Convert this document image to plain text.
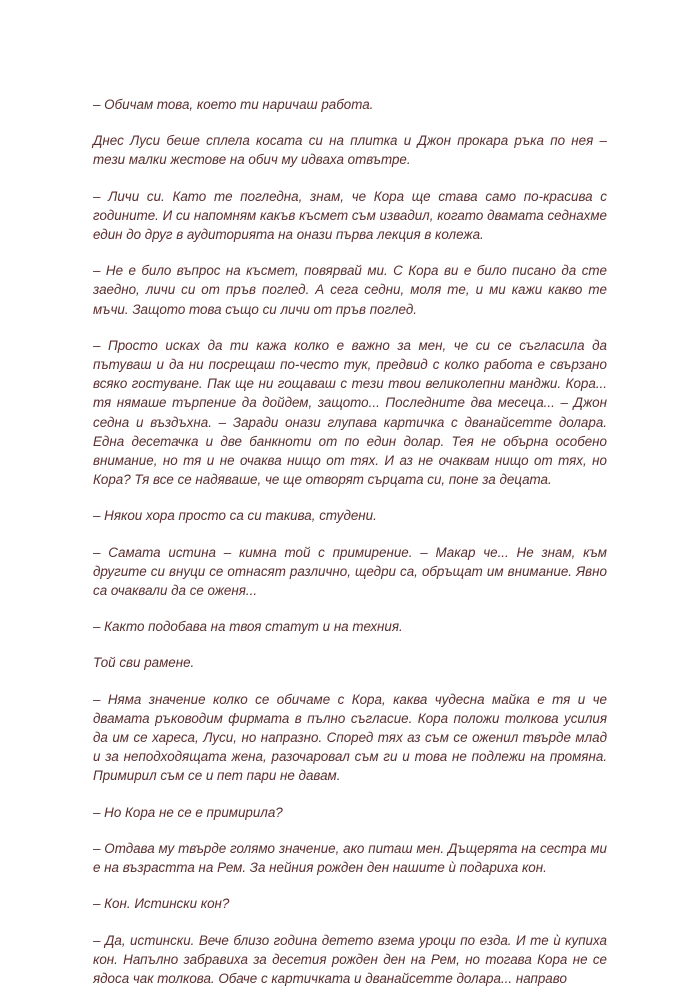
– Обичам това, което ти наричаш работа.

Днес Луси беше сплела косата си на плитка и Джон прокара ръка по нея – тези малки жестове на обич му идваха отвътре.

– Личи си. Като те погледна, знам, че Кора ще става само по-красива с годините. И си напомням какъв късмет съм извадил, когато двамата седнахме един до друг в аудиторията на онази първа лекция в колежа.

– Не е било въпрос на късмет, повярвай ми. С Кора ви е било писано да сте заедно, личи си от пръв поглед. А сега седни, моля те, и ми кажи какво те мъчи. Защото това също си личи от пръв поглед.

– Просто исках да ти кажа колко е важно за мен, че си се съгласила да пътуваш и да ни посрещаш по-често тук, предвид с колко работа е свързано всяко гостуване. Пак ще ни гощаваш с тези твои великолепни манджи. Кора... тя нямаше търпение да дойдем, защото... Последните два месеца... – Джон седна и въздъхна. – Заради онази глупава картичка с дванайсетте долара. Една десетачка и две банкноти от по един долар. Тея не обърна особено внимание, но тя и не очаква нищо от тях. И аз не очаквам нищо от тях, но Кора? Тя все се надяваше, че ще отворят сърцата си, поне за децата.

– Някои хора просто са си такива, студени.

– Самата истина – кимна той с примирение. – Макар че... Не знам, към другите си внуци се отнасят различно, щедри са, обръщат им внимание. Явно са очаквали да се оженя...

– Както подобава на твоя статут и на техния.

Той сви рамене.

– Няма значение колко се обичаме с Кора, каква чудесна майка е тя и че двамата ръководим фирмата в пълно съгласие. Кора положи толкова усилия да им се хареса, Луси, но напразно. Според тях аз съм се оженил твърде млад и за неподходящата жена, разочаровал съм ги и това не подлежи на промяна. Примирил съм се и пет пари не давам.

– Но Кора не се е примирила?

– Отдава му твърде голямо значение, ако питаш мен. Дъщерята на сестра ми е на възрастта на Рем. За нейния рожден ден нашите ѝ подариха кон.

– Кон. Истински кон?

– Да, истински. Вече близо година детето взема уроци по езда. И те ѝ купиха кон. Напълно забравиха за десетия рожден ден на Рем, но тогава Кора не се ядоса чак толкова. Обаче с картичката и дванайсетте долара... направо
